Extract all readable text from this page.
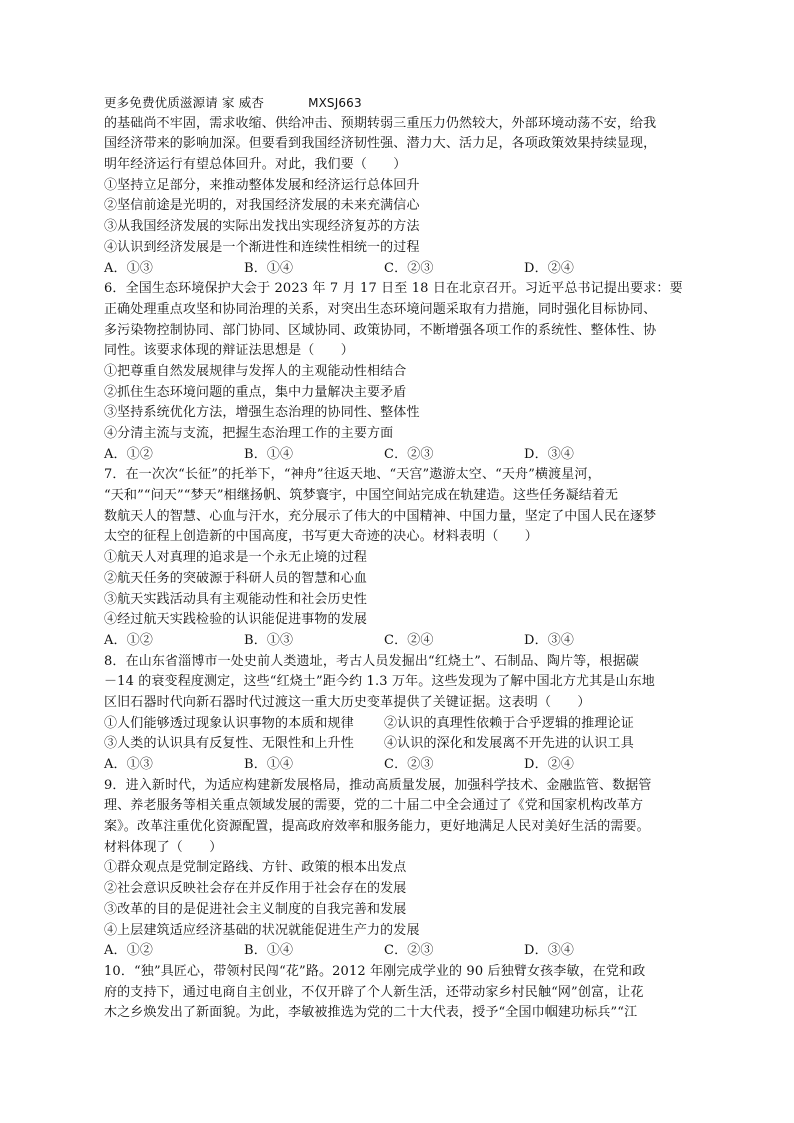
更多免费优质滋源请 家 威杏	MXSJ663
的基础尚不牢固，需求收缩、供给冲击、预期转弱三重压力仍然较大，外部环境动荡不安，给我
国经济带来的影响加深。但要看到我国经济韧性强、潜力大、活力足，各项政策效果持续显现，
明年经济运行有望总体回升。对此，我们要（　　）
①坚持立足部分，来推动整体发展和经济运行总体回升
②坚信前途是光明的，对我国经济发展的未来充满信心
③从我国经济发展的实际出发找出实现经济复苏的方法
④认识到经济发展是一个渐进性和连续性相统一的过程
A．①③	B．①④	C．②③	D．②④
6．全国生态环境保护大会于 2023 年 7 月 17 日至 18 日在北京召开。习近平总书记提出要求：要
正确处理重点攻坚和协同治理的关系，对突出生态环境问题采取有力措施，同时强化目标协同、
多污染物控制协同、部门协同、区域协同、政策协同，不断增强各项工作的系统性、整体性、协
同性。该要求体现的辩证法思想是（　　）
①把尊重自然发展规律与发挥人的主观能动性相结合
②抓住生态环境问题的重点，集中力量解决主要矛盾
③坚持系统优化方法，增强生态治理的协同性、整体性
④分清主流与支流，把握生态治理工作的主要方面
A．①②	B．①④	C．②③	D．③④
7．在一次次“长征”的托举下，“神舟”往返天地、“天宫”遨游太空、“天舟”横渡星河，
“天和”“问天”“梦天”相继扬帆、筑梦寰宇，中国空间站完成在轨建造。这些任务凝结着无
数航天人的智慧、心血与汗水，充分展示了伟大的中国精神、中国力量，坚定了中国人民在逐梦
太空的征程上创造新的中国高度，书写更大奇迹的决心。材料表明（　　）
①航天人对真理的追求是一个永无止境的过程
②航天任务的突破源于科研人员的智慧和心血
③航天实践活动具有主观能动性和社会历史性
④经过航天实践检验的认识能促进事物的发展
A．①②	B．①③	C．②④	D．③④
8．在山东省淄博市一处史前人类遗址，考古人员发掘出“红烧土”、石制品、陶片等，根据碳
－14 的衰变程度测定，这些“红烧土”距今约 1.3 万年。这些发现为了解中国北方尤其是山东地
区旧石器时代向新石器时代过渡这一重大历史变革提供了关键证据。这表明（　　）
①人们能够透过现象认识事物的本质和规律	②认识的真理性依赖于合乎逻辑的推理论证
③人类的认识具有反复性、无限性和上升性	④认识的深化和发展离不开先进的认识工具
A．①③	B．①④	C．②③	D．②④
9．进入新时代，为适应构建新发展格局，推动高质量发展，加强科学技术、金融监管、数据管
理、养老服务等相关重点领域发展的需要，党的二十届二中全会通过了《党和国家机构改革方
案》。改革注重优化资源配置，提高政府效率和服务能力，更好地满足人民对美好生活的需要。
材料体现了（　　）
①群众观点是党制定路线、方针、政策的根本出发点
②社会意识反映社会存在并反作用于社会存在的发展
③改革的目的是促进社会主义制度的自我完善和发展
④上层建筑适应经济基础的状况就能促进生产力的发展
A．①②	B．①④	C．②③	D．③④
10．“独”具匠心，带领村民闯“花”路。2012 年刚完成学业的 90 后独臂女孩李敏，在党和政
府的支持下，通过电商自主创业，不仅开辟了个人新生活，还带动家乡村民触“网”创富，让花
木之乡焕发出了新面貌。为此，李敏被推选为党的二十大代表，授予“全国巾帼建功标兵”“江
